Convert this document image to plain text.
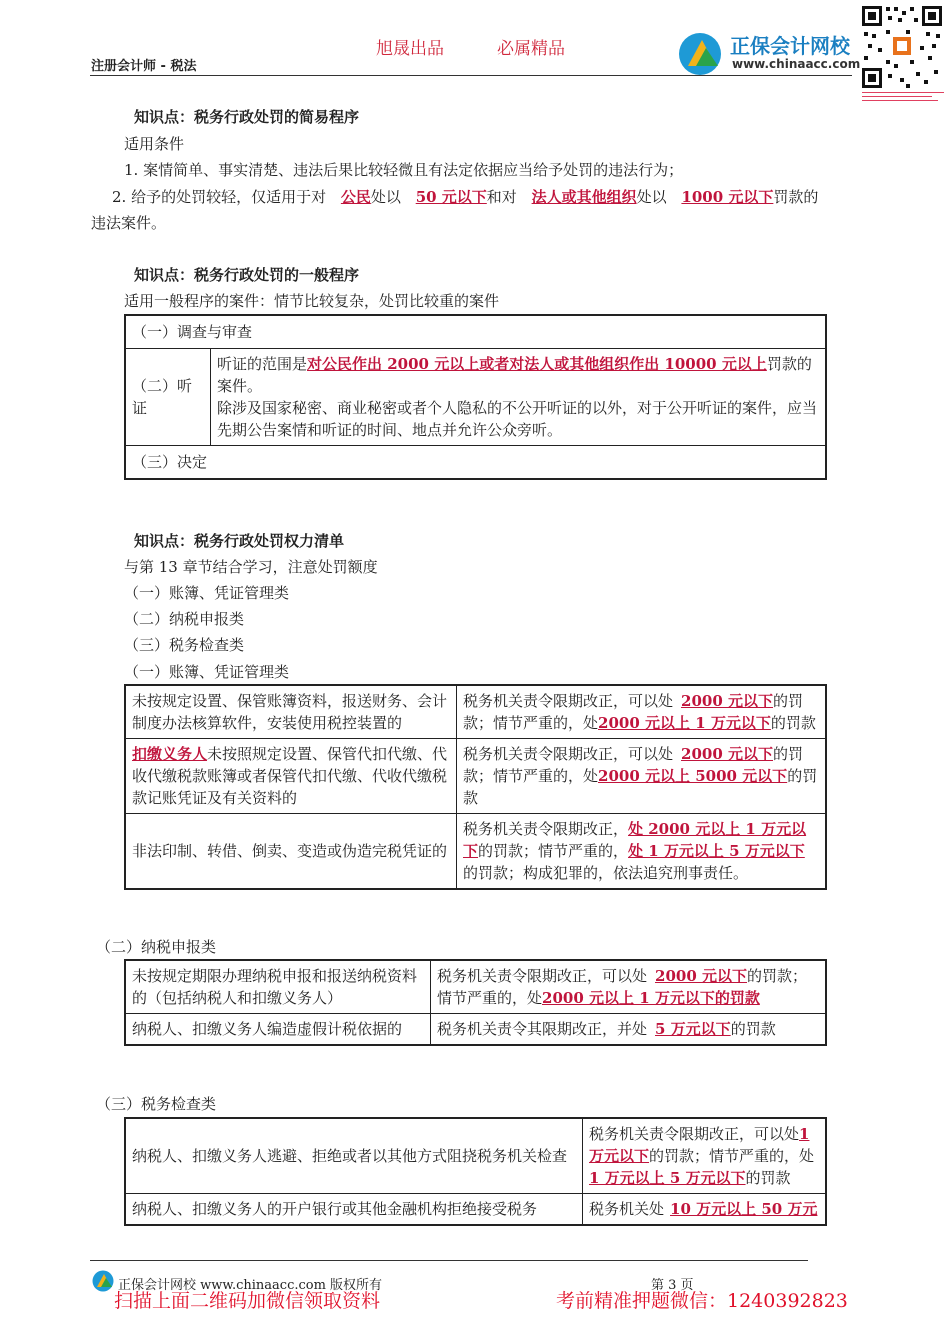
旭晟出品	必属精品
注册会计师 - 税法
正保会计网校
www.chinaacc.com
知识点：税务行政处罚的简易程序
适用条件
1. 案情简单、事实清楚、违法后果比较轻微且有法定依据应当给予处罚的违法行为；
2. 给予的处罚较轻，仅适用于对 公民处以 50 元以下和对 法人或其他组织处以 1000 元以下罚款的
违法案件。
知识点：税务行政处罚的一般程序
适用一般程序的案件：情节比较复杂，处罚比较重的案件
（一）调查与审查
（二）听证	听证的范围是对公民作出 2000 元以上或者对法人或其他组织作出 10000 元以上罚款的案件。
除涉及国家秘密、商业秘密或者个人隐私的不公开听证的以外，对于公开听证的案件，应当先期公告案情和听证的时间、地点并允许公众旁听。
（三）决定
知识点：税务行政处罚权力清单
与第 13 章节结合学习，注意处罚额度
（一）账簿、凭证管理类
（二）纳税申报类
（三）税务检查类
（一）账簿、凭证管理类
未按规定设置、保管账簿资料，报送财务、会计制度办法核算软件，安装使用税控装置的	税务机关责令限期改正，可以处 2000 元以下的罚款；情节严重的，处2000 元以上 1 万元以下的罚款
扣缴义务人未按照规定设置、保管代扣代缴、代收代缴税款账簿或者保管代扣代缴、代收代缴税款记账凭证及有关资料的	税务机关责令限期改正，可以处 2000 元以下的罚款；情节严重的，处2000 元以上 5000 元以下的罚款
非法印制、转借、倒卖、变造或伪造完税凭证的	税务机关责令限期改正，处 2000 元以上 1 万元以下的罚款；情节严重的，处 1 万元以上 5 万元以下的罚款；构成犯罪的，依法追究刑事责任。
（二）纳税申报类
未按规定期限办理纳税申报和报送纳税资料的（包括纳税人和扣缴义务人）	税务机关责令限期改正，可以处 2000 元以下的罚款；情节严重的，处2000 元以上 1 万元以下的罚款
纳税人、扣缴义务人编造虚假计税依据的	税务机关责令其限期改正，并处 5 万元以下的罚款
（三）税务检查类
纳税人、扣缴义务人逃避、拒绝或者以其他方式阻挠税务机关检查	税务机关责令限期改正，可以处1 万元以下的罚款；情节严重的，处1 万元以上 5 万元以下的罚款
纳税人、扣缴义务人的开户银行或其他金融机构拒绝接受税务	税务机关处 10 万元以上 50 万元
正保会计网校 www.chinaacc.com 版权所有	第 3 页
扫描上面二维码加微信领取资料	考前精准押题微信：1240392823
